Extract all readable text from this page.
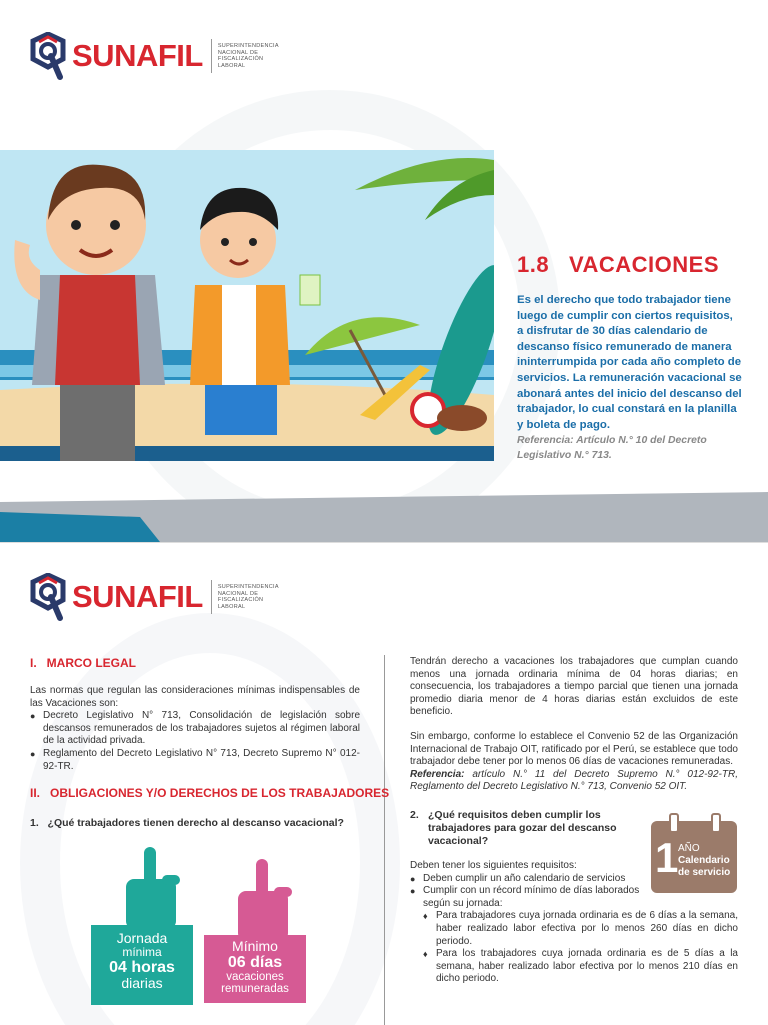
SUNAFIL	SUPERINTENDENCIA
NACIONAL DE
FISCALIZACIÓN
LABORAL
1.8 VACACIONES
Es el derecho que todo trabajador tiene luego de cumplir con ciertos requisitos, a disfrutar de 30 días calendario de descanso físico remunerado de manera ininterrumpida por cada año completo de servicios. La remuneración vacacional se abonará antes del inicio del descanso del trabajador, lo cual constará en la planilla y boleta de pago.
Referencia: Artículo N.° 10 del Decreto Legislativo N.° 713.
SUNAFIL	SUPERINTENDENCIA
NACIONAL DE
FISCALIZACIÓN
LABORAL
I.   MARCO LEGAL
Las normas que regulan las consideraciones mínimas indispensables de las Vacaciones son:
● Decreto Legislativo N° 713, Consolidación de legislación sobre descansos remunerados de los trabajadores sujetos al régimen laboral de la actividad privada.
● Reglamento del Decreto Legislativo N° 713, Decreto Supremo N° 012-92-TR.
II.   OBLIGACIONES Y/O DERECHOS DE LOS TRABAJADORES
1. ¿Qué trabajadores tienen derecho al descanso vacacional?
Jornada
mínima
04 horas
diarias
Mínimo
06 días
vacaciones
remuneradas
Tendrán derecho a vacaciones los trabajadores que cumplan cuando menos una jornada ordinaria mínima de 04 horas diarias; en consecuencia, los trabajadores a tiempo parcial que tienen una jornada promedio diaria menor de 4 horas diarias están excluidos de este beneficio.
Sin embargo, conforme lo establece el Convenio 52 de las Organización Internacional de Trabajo OIT, ratificado por el Perú, se establece que todo trabajador debe tener por lo menos 06 días de vacaciones remuneradas.
Referencia: artículo N.° 11 del Decreto Supremo N.° 012-92-TR, Reglamento del Decreto Legislativo N.° 713, Convenio 52 OIT.
2. ¿Qué requisitos deben cumplir los trabajadores para gozar del descanso vacacional?	1 AÑO
Calendario
de servicio
Deben tener los siguientes requisitos:
● Deben cumplir un año calendario de servicios
● Cumplir con un récord mínimo de días laborados según su jornada:
♦ Para trabajadores cuya jornada ordinaria es de 6 días a la semana, haber realizado labor efectiva por lo menos 260 días en dicho periodo.
♦ Para los trabajadores cuya jornada ordinaria es de 5 días a la semana, haber realizado labor efectiva por lo menos 210 días en dicho periodo.
